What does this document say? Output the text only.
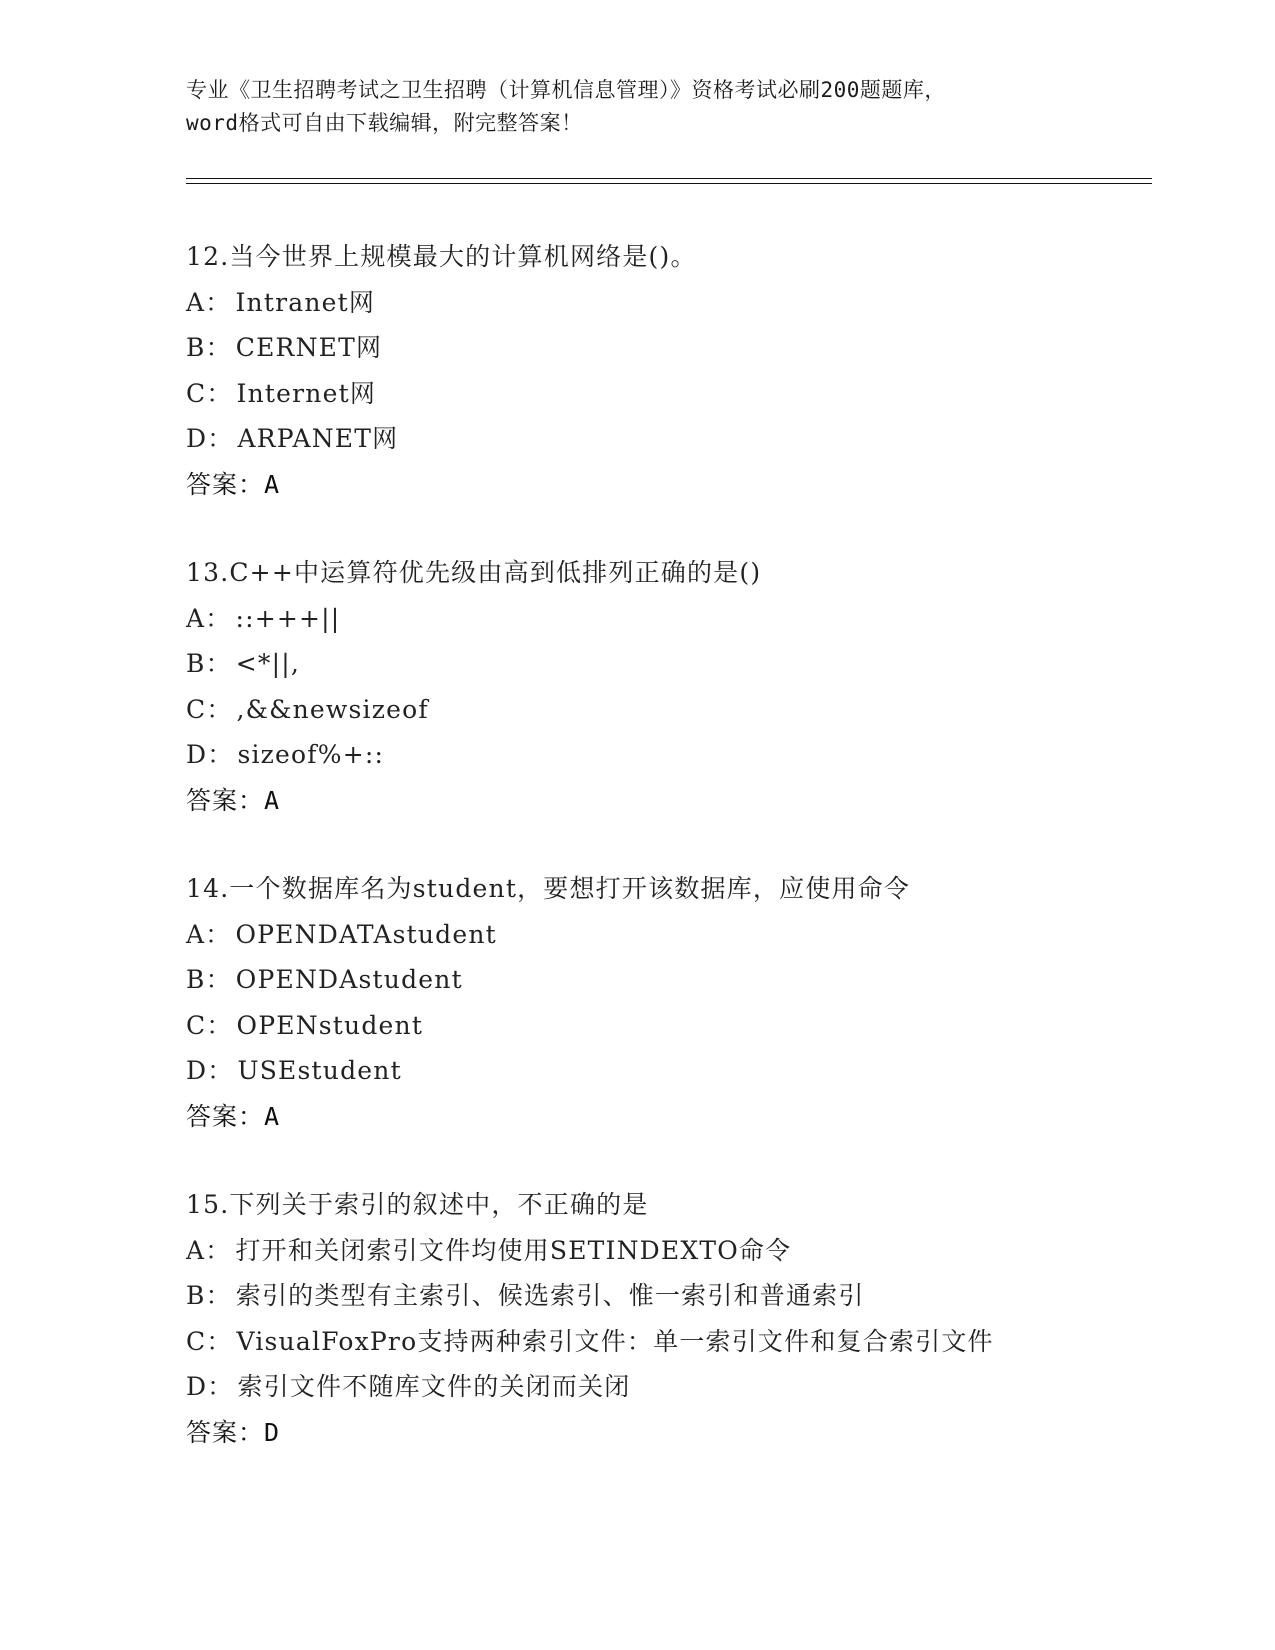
专业《卫生招聘考试之卫生招聘（计算机信息管理）》资格考试必刷200题题库，
word格式可自由下载编辑，附完整答案！
12.当今世界上规模最大的计算机网络是()。
A： Intranet网
B： CERNET网
C： Internet网
D： ARPANET网
答案：A
13.C++中运算符优先级由高到低排列正确的是()
A： ::+++||
B： <*||,
C： ,&&newsizeof
D： sizeof%+::
答案：A
14.一个数据库名为student，要想打开该数据库，应使用命令
A： OPENDATAstudent
B： OPENDAstudent
C： OPENstudent
D： USEstudent
答案：A
15.下列关于索引的叙述中，不正确的是
A： 打开和关闭索引文件均使用SETINDEXTO命令
B： 索引的类型有主索引、候选索引、惟一索引和普通索引
C： VisualFoxPro支持两种索引文件：单一索引文件和复合索引文件
D： 索引文件不随库文件的关闭而关闭
答案：D
